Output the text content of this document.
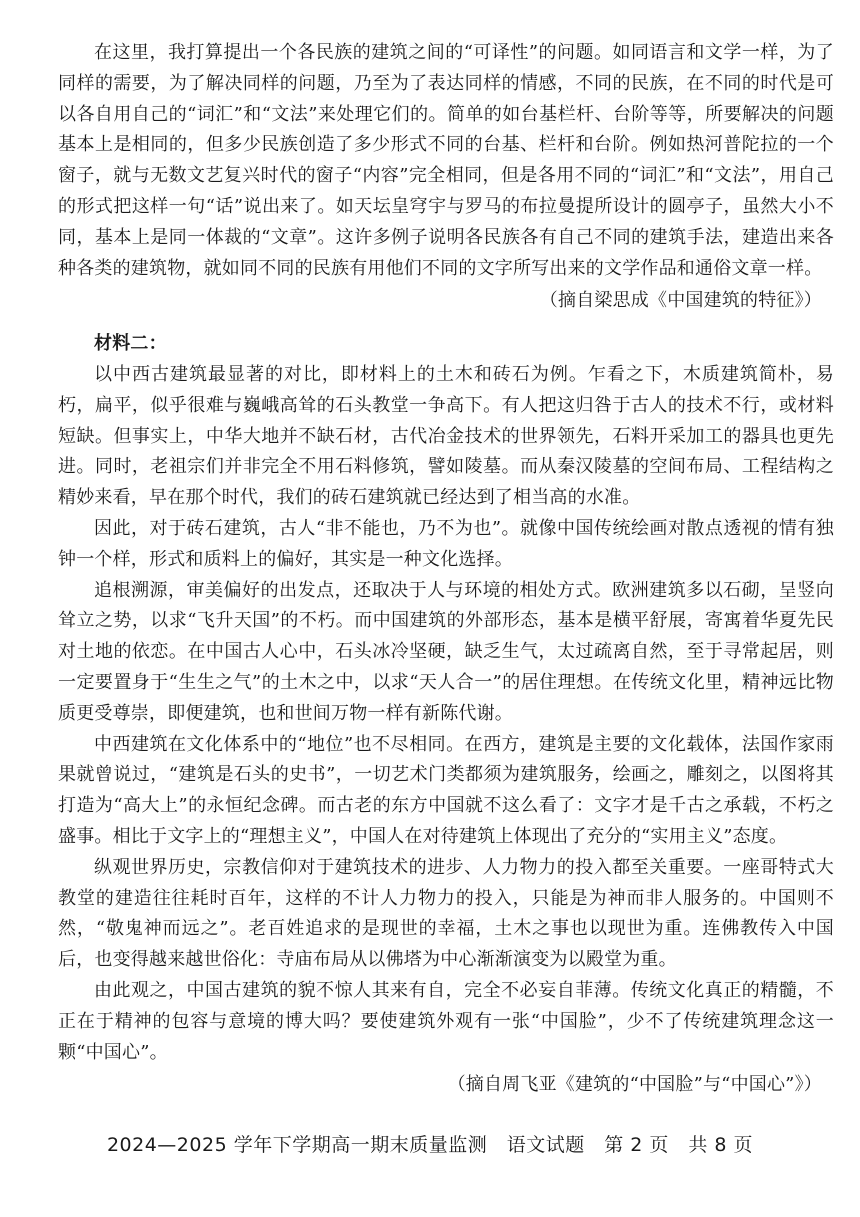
在这里，我打算提出一个各民族的建筑之间的“可译性”的问题。如同语言和文学一样，为了同样的需要，为了解决同样的问题，乃至为了表达同样的情感，不同的民族，在不同的时代是可以各自用自己的“词汇”和“文法”来处理它们的。简单的如台基栏杆、台阶等等，所要解决的问题基本上是相同的，但多少民族创造了多少形式不同的台基、栏杆和台阶。例如热河普陀拉的一个窗子，就与无数文艺复兴时代的窗子“内容”完全相同，但是各用不同的“词汇”和“文法”，用自己的形式把这样一句“话”说出来了。如天坛皇穹宇与罗马的布拉曼提所设计的圆亭子，虽然大小不同，基本上是同一体裁的“文章”。这许多例子说明各民族各有自己不同的建筑手法，建造出来各种各类的建筑物，就如同不同的民族有用他们不同的文字所写出来的文学作品和通俗文章一样。

（摘自梁思成《中国建筑的特征》）

材料二：

以中西古建筑最显著的对比，即材料上的土木和砖石为例。乍看之下，木质建筑简朴，易朽，扁平，似乎很难与巍峨高耸的石头教堂一争高下。有人把这归咎于古人的技术不行，或材料短缺。但事实上，中华大地并不缺石材，古代冶金技术的世界领先，石料开采加工的器具也更先进。同时，老祖宗们并非完全不用石料修筑，譬如陵墓。而从秦汉陵墓的空间布局、工程结构之精妙来看，早在那个时代，我们的砖石建筑就已经达到了相当高的水准。

因此，对于砖石建筑，古人“非不能也，乃不为也”。就像中国传统绘画对散点透视的情有独钟一个样，形式和质料上的偏好，其实是一种文化选择。

追根溯源，审美偏好的出发点，还取决于人与环境的相处方式。欧洲建筑多以石砌，呈竖向耸立之势，以求“飞升天国”的不朽。而中国建筑的外部形态，基本是横平舒展，寄寓着华夏先民对土地的依恋。在中国古人心中，石头冰冷坚硬，缺乏生气，太过疏离自然，至于寻常起居，则一定要置身于“生生之气”的土木之中，以求“天人合一”的居住理想。在传统文化里，精神远比物质更受尊崇，即便建筑，也和世间万物一样有新陈代谢。

中西建筑在文化体系中的“地位”也不尽相同。在西方，建筑是主要的文化载体，法国作家雨果就曾说过，“建筑是石头的史书”，一切艺术门类都须为建筑服务，绘画之，雕刻之，以图将其打造为“高大上”的永恒纪念碑。而古老的东方中国就不这么看了：文字才是千古之承载，不朽之盛事。相比于文字上的“理想主义”，中国人在对待建筑上体现出了充分的“实用主义”态度。

纵观世界历史，宗教信仰对于建筑技术的进步、人力物力的投入都至关重要。一座哥特式大教堂的建造往往耗时百年，这样的不计人力物力的投入，只能是为神而非人服务的。中国则不然，“敬鬼神而远之”。老百姓追求的是现世的幸福，土木之事也以现世为重。连佛教传入中国后，也变得越来越世俗化：寺庙布局从以佛塔为中心渐渐演变为以殿堂为重。

由此观之，中国古建筑的貌不惊人其来有自，完全不必妄自菲薄。传统文化真正的精髓，不正在于精神的包容与意境的博大吗？要使建筑外观有一张“中国脸”，少不了传统建筑理念这一颗“中国心”。

（摘自周飞亚《建筑的“中国脸”与“中国心”》）

2024—2025 学年下学期高一期末质量监测　语文试题　第 2 页　共 8 页
